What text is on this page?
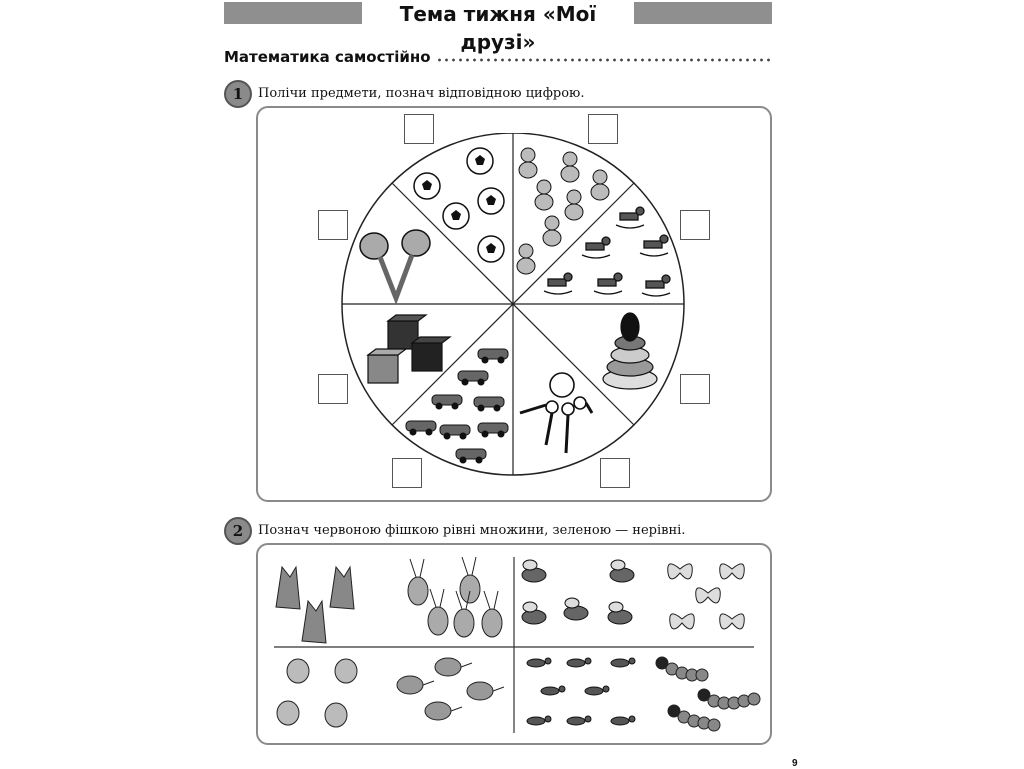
Тема тижня «Мої друзі»
Математика самостійно
1	Полічи предмети, познач відповідною цифрою.
2	Познач червоною фішкою рівні множини, зеленою — нерівні.
9
